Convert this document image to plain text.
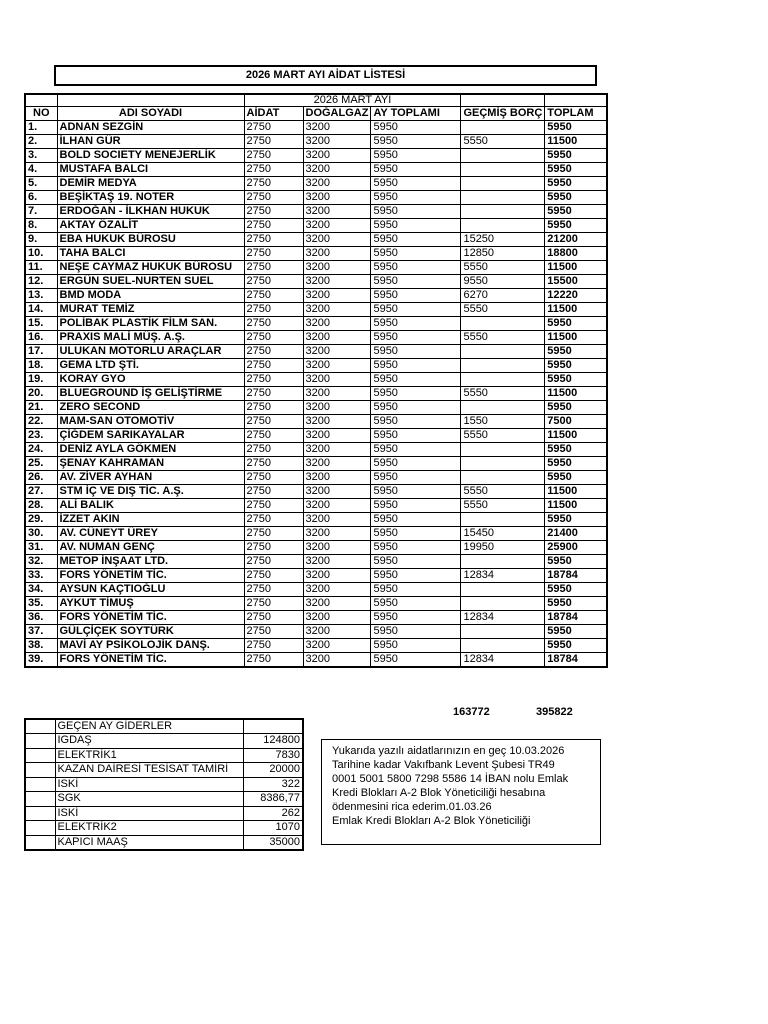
2026 MART AYI AİDAT LİSTESİ
		2026 MART AYI				
NO	ADI SOYADI	AİDAT	DOĞALGAZ	AY TOPLAMI	GEÇMİŞ BORÇ	TOPLAM
1.	ADNAN SEZGİN	2750	3200	5950		5950
2.	İLHAN GÜR	2750	3200	5950	5550	11500
3.	BOLD SOCIETY MENEJERLİK	2750	3200	5950		5950
4.	MUSTAFA BALCI	2750	3200	5950		5950
5.	DEMİR MEDYA	2750	3200	5950		5950
6.	BEŞİKTAŞ 19. NOTER	2750	3200	5950		5950
7.	ERDOĞAN - İLKHAN HUKUK	2750	3200	5950		5950
8.	AKTAY ÖZALİT	2750	3200	5950		5950
9.	EBA HUKUK BÜROSU	2750	3200	5950	15250	21200
10.	TAHA BALCI	2750	3200	5950	12850	18800
11.	NEŞE CAYMAZ HUKUK BÜROSU	2750	3200	5950	5550	11500
12.	ERGÜN SUEL-NURTEN SUEL	2750	3200	5950	9550	15500
13.	BMD MODA	2750	3200	5950	6270	12220
14.	MURAT TEMİZ	2750	3200	5950	5550	11500
15.	POLİBAK PLASTİK FİLM SAN.	2750	3200	5950		5950
16.	PRAXIS MALİ MÜŞ. A.Ş.	2750	3200	5950	5550	11500
17.	ULUKAN MOTORLU ARAÇLAR	2750	3200	5950		5950
18.	GEMA LTD ŞTİ.	2750	3200	5950		5950
19.	KORAY GYO	2750	3200	5950		5950
20.	BLUEGROUND İŞ GELİŞTİRME	2750	3200	5950	5550	11500
21.	ZERO SECOND	2750	3200	5950		5950
22.	MAM-SAN OTOMOTİV	2750	3200	5950	1550	7500
23.	ÇİĞDEM SARIKAYALAR	2750	3200	5950	5550	11500
24.	DENİZ AYLA GÖKMEN	2750	3200	5950		5950
25.	ŞENAY KAHRAMAN	2750	3200	5950		5950
26.	AV. ZİVER AYHAN	2750	3200	5950		5950
27.	STM İÇ VE DIŞ TİC. A.Ş.	2750	3200	5950	5550	11500
28.	ALİ BALIK	2750	3200	5950	5550	11500
29.	İZZET AKIN	2750	3200	5950		5950
30.	AV. CÜNEYT ÜREY	2750	3200	5950	15450	21400
31.	AV. NUMAN GENÇ	2750	3200	5950	19950	25900
32.	METOP İNŞAAT LTD.	2750	3200	5950		5950
33.	FORS YÖNETİM TİC.	2750	3200	5950	12834	18784
34.	AYSUN KAÇTIOĞLU	2750	3200	5950		5950
35.	AYKUT TİMUŞ	2750	3200	5950		5950
36.	FORS YÖNETİM TİC.	2750	3200	5950	12834	18784
37.	GÜLÇİÇEK SOYTÜRK	2750	3200	5950		5950
38.	MAVİ AY PSİKOLOJİK DANŞ.	2750	3200	5950		5950
39.	FORS YÖNETİM TİC.	2750	3200	5950	12834	18784
163772	395822
	GEÇEN AY GİDERLER	
	IGDAŞ	124800
	ELEKTRİK1	7830
	KAZAN DAİRESİ TESİSAT TAMİRİ	20000
	ISKİ	322
	SGK	8386,77
	ISKİ	262
	ELEKTRİK2	1070
	KAPICI MAAŞ	35000
Yukarıda yazılı aidatlarınızın en geç 10.03.2026
Tarihine kadar Vakıfbank Levent Şubesi TR49
0001 5001 5800 7298 5586 14 İBAN nolu Emlak
Kredi Blokları A-2 Blok Yöneticiliği hesabına
ödenmesini rica ederim.01.03.26
Emlak Kredi Blokları A-2 Blok Yöneticiliği
